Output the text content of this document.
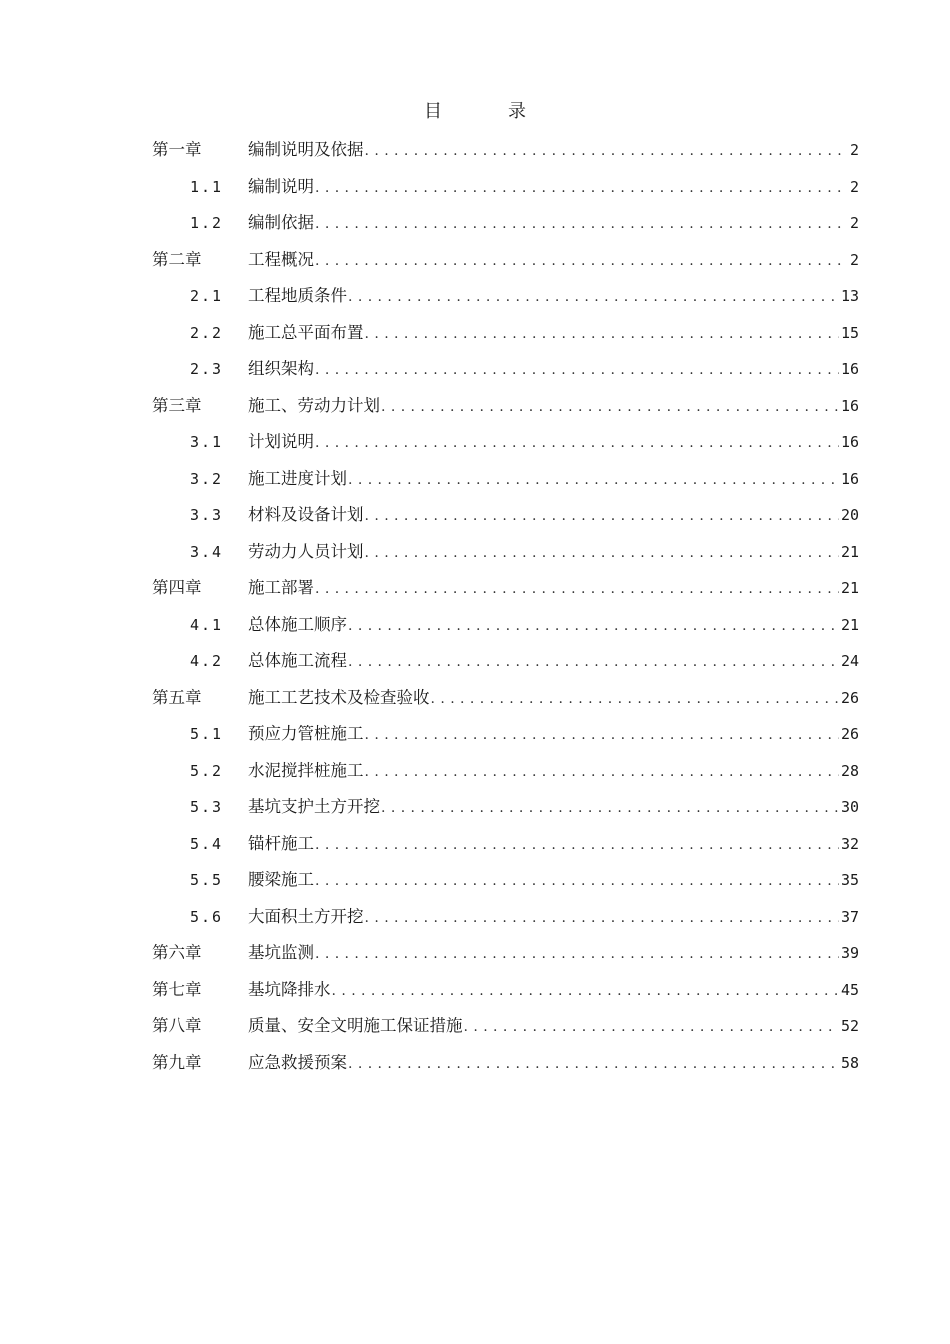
目	录
第一章	编制说明及依据 .....	2
1.1	编制说明 .....	2
1.2	编制依据 .....	2
第二章	工程概况 .....	2
2.1	工程地质条件 .....	13
2.2	施工总平面布置 .....	15
2.3	组织架构 .....	16
第三章	施工、劳动力计划 .....	16
3.1	计划说明 .....	16
3.2	施工进度计划 .....	16
3.3	材料及设备计划 .....	20
3.4	劳动力人员计划 .....	21
第四章	施工部署 .....	21
4.1	总体施工顺序 .....	21
4.2	总体施工流程 .....	24
第五章	施工工艺技术及检查验收 .....	26
5.1	预应力管桩施工 .....	26
5.2	水泥搅拌桩施工 .....	28
5.3	基坑支护土方开挖 .....	30
5.4	锚杆施工 .....	32
5.5	腰梁施工 .....	35
5.6	大面积土方开挖 .....	37
第六章	基坑监测 .....	39
第七章	基坑降排水 .....	45
第八章	质量、安全文明施工保证措施 .....	52
第九章	应急救援预案 .....	58
